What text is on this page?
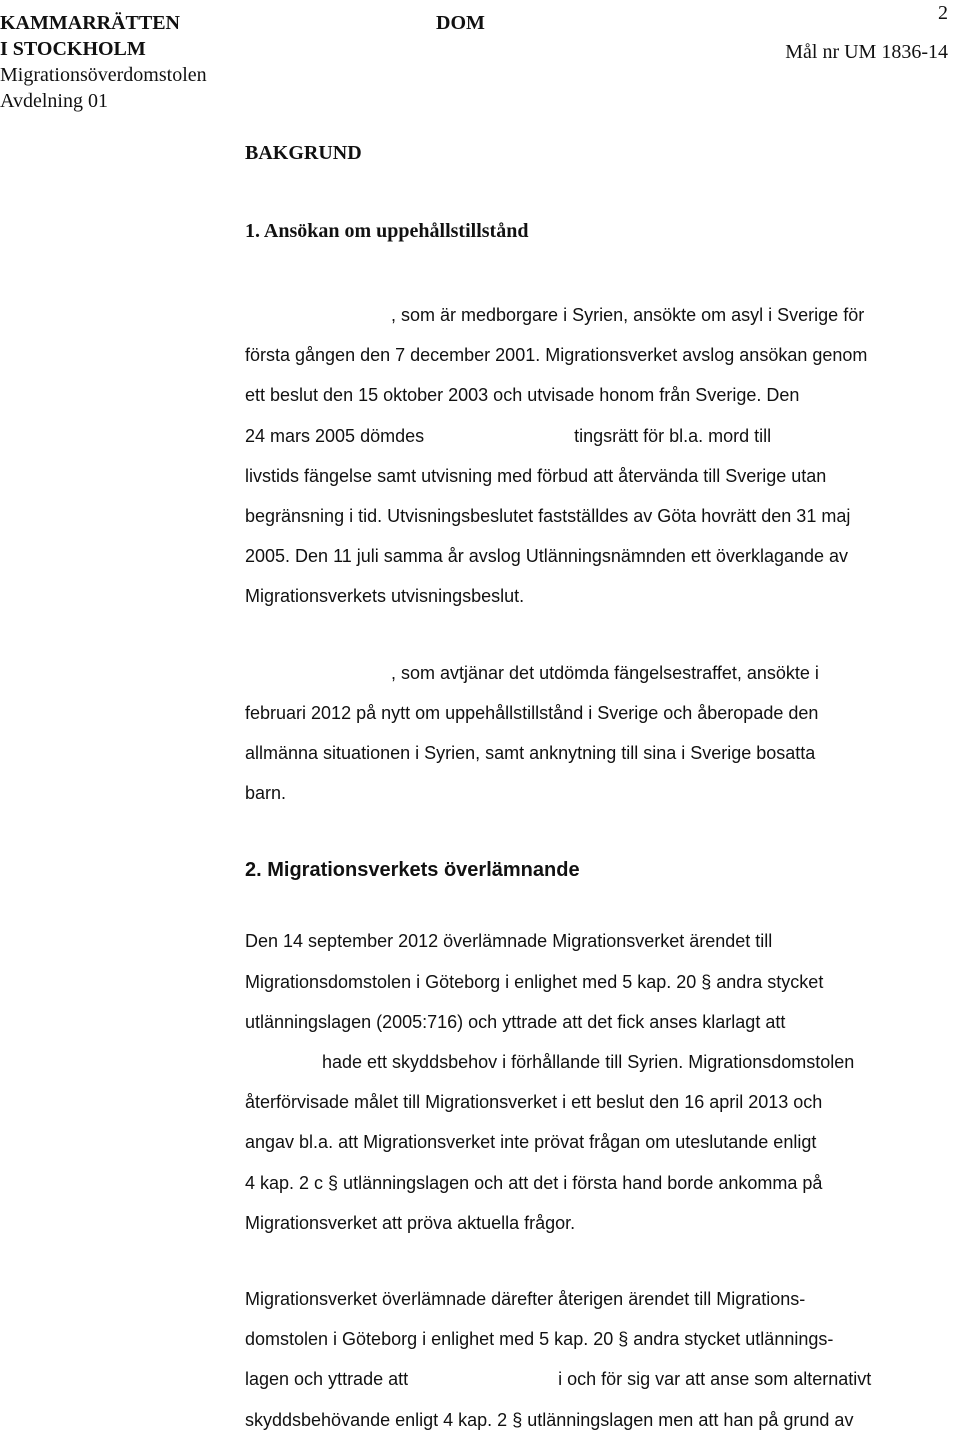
KAMMARRÄTTEN
I STOCKHOLM
Migrationsöverdomstolen
Avdelning 01
DOM	2
Mål nr UM 1836-14
BAKGRUND
1. Ansökan om uppehållstillstånd

, som är medborgare i Syrien, ansökte om asyl i Sverige för
första gången den 7 december 2001. Migrationsverket avslog ansökan genom
ett beslut den 15 oktober 2003 och utvisade honom från Sverige. Den
24 mars 2005 dömdes	tingsrätt för bl.a. mord till
livstids fängelse samt utvisning med förbud att återvända till Sverige utan
begränsning i tid. Utvisningsbeslutet fastställdes av Göta hovrätt den 31 maj
2005. Den 11 juli samma år avslog Utlänningsnämnden ett överklagande av
Migrationsverkets utvisningsbeslut.

, som avtjänar det utdömda fängelsestraffet, ansökte i
februari 2012 på nytt om uppehållstillstånd i Sverige och åberopade den
allmänna situationen i Syrien, samt anknytning till sina i Sverige bosatta
barn.

2. Migrationsverkets överlämnande

Den 14 september 2012 överlämnade Migrationsverket ärendet till
Migrationsdomstolen i Göteborg i enlighet med 5 kap. 20 § andra stycket
utlänningslagen (2005:716) och yttrade att det fick anses klarlagt att
hade ett skyddsbehov i förhållande till Syrien. Migrationsdomstolen
återförvisade målet till Migrationsverket i ett beslut den 16 april 2013 och
angav bl.a. att Migrationsverket inte prövat frågan om uteslutande enligt
4 kap. 2 c § utlänningslagen och att det i första hand borde ankomma på
Migrationsverket att pröva aktuella frågor.

Migrationsverket överlämnade därefter återigen ärendet till Migrations-
domstolen i Göteborg i enlighet med 5 kap. 20 § andra stycket utlännings-
lagen och yttrade att	i och för sig var att anse som alternativt
skyddsbehövande enligt 4 kap. 2 § utlänningslagen men att han på grund av
